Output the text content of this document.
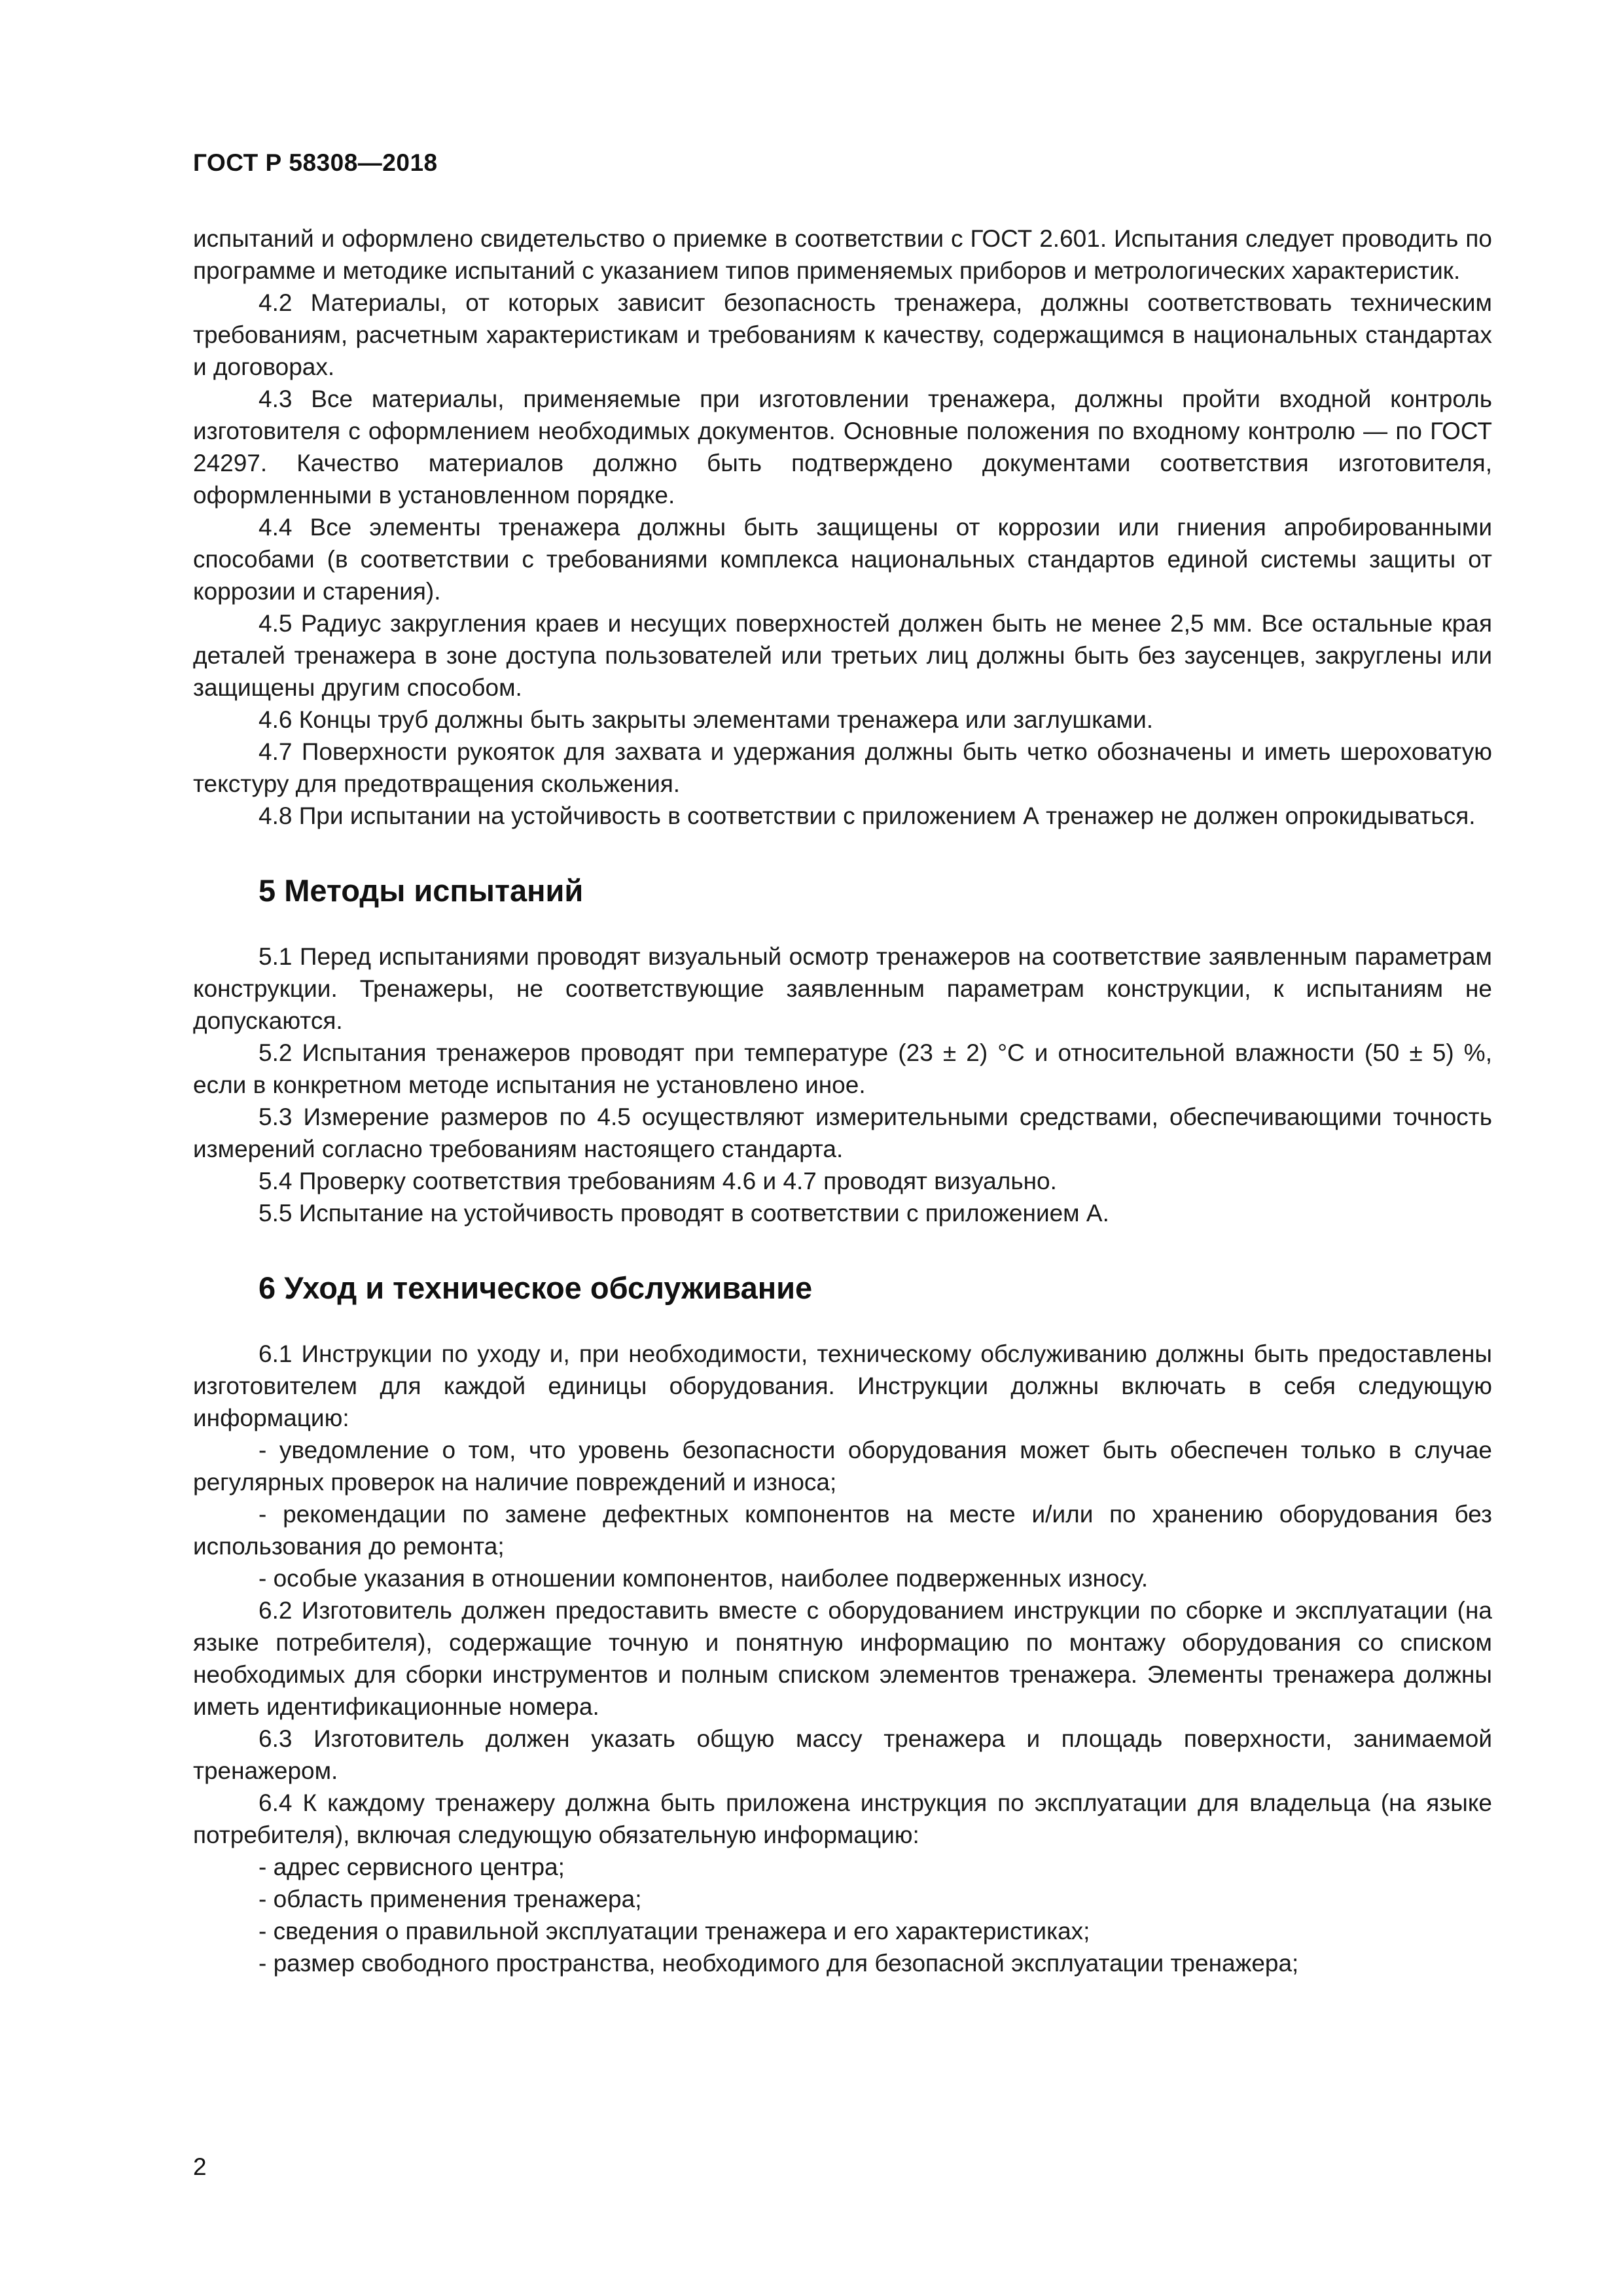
ГОСТ Р 58308—2018

испытаний и оформлено свидетельство о приемке в соответствии с ГОСТ 2.601. Испытания следует проводить по программе и методике испытаний с указанием типов применяемых приборов и метрологических характеристик.

4.2 Материалы, от которых зависит безопасность тренажера, должны соответствовать техническим требованиям, расчетным характеристикам и требованиям к качеству, содержащимся в национальных стандартах и договорах.

4.3 Все материалы, применяемые при изготовлении тренажера, должны пройти входной контроль изготовителя с оформлением необходимых документов. Основные положения по входному контролю — по ГОСТ 24297. Качество материалов должно быть подтверждено документами соответствия изготовителя, оформленными в установленном порядке.

4.4 Все элементы тренажера должны быть защищены от коррозии или гниения апробированными способами (в соответствии с требованиями комплекса национальных стандартов единой системы защиты от коррозии и старения).

4.5 Радиус закругления краев и несущих поверхностей должен быть не менее 2,5 мм. Все остальные края деталей тренажера в зоне доступа пользователей или третьих лиц должны быть без заусенцев, закруглены или защищены другим способом.

4.6 Концы труб должны быть закрыты элементами тренажера или заглушками.

4.7 Поверхности рукояток для захвата и удержания должны быть четко обозначены и иметь шероховатую текстуру для предотвращения скольжения.

4.8 При испытании на устойчивость в соответствии с приложением А тренажер не должен опрокидываться.

5 Методы испытаний

5.1 Перед испытаниями проводят визуальный осмотр тренажеров на соответствие заявленным параметрам конструкции. Тренажеры, не соответствующие заявленным параметрам конструкции, к испытаниям не допускаются.

5.2 Испытания тренажеров проводят при температуре (23 ± 2) °С и относительной влажности (50 ± 5) %, если в конкретном методе испытания не установлено иное.

5.3 Измерение размеров по 4.5 осуществляют измерительными средствами, обеспечивающими точность измерений согласно требованиям настоящего стандарта.

5.4 Проверку соответствия требованиям 4.6 и 4.7 проводят визуально.

5.5 Испытание на устойчивость проводят в соответствии с приложением А.

6 Уход и техническое обслуживание

6.1 Инструкции по уходу и, при необходимости, техническому обслуживанию должны быть предоставлены изготовителем для каждой единицы оборудования. Инструкции должны включать в себя следующую информацию:

- уведомление о том, что уровень безопасности оборудования может быть обеспечен только в случае регулярных проверок на наличие повреждений и износа;

- рекомендации по замене дефектных компонентов на месте и/или по хранению оборудования без использования до ремонта;

- особые указания в отношении компонентов, наиболее подверженных износу.

6.2 Изготовитель должен предоставить вместе с оборудованием инструкции по сборке и эксплуатации (на языке потребителя), содержащие точную и понятную информацию по монтажу оборудования со списком необходимых для сборки инструментов и полным списком элементов тренажера. Элементы тренажера должны иметь идентификационные номера.

6.3 Изготовитель должен указать общую массу тренажера и площадь поверхности, занимаемой тренажером.

6.4 К каждому тренажеру должна быть приложена инструкция по эксплуатации для владельца (на языке потребителя), включая следующую обязательную информацию:

- адрес сервисного центра;

- область применения тренажера;

- сведения о правильной эксплуатации тренажера и его характеристиках;

- размер свободного пространства, необходимого для безопасной эксплуатации тренажера;

2
